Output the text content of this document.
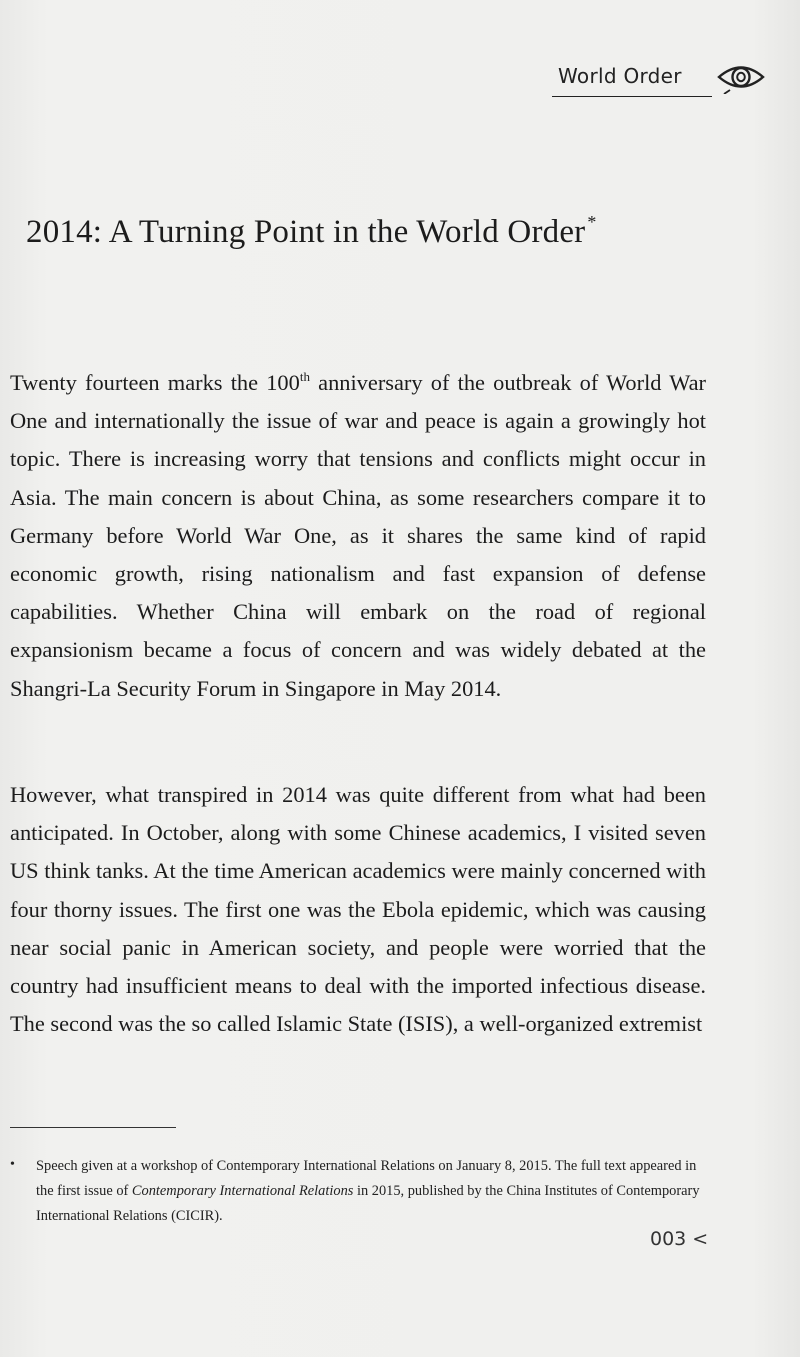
World Order
2014: A Turning Point in the World Order *

Twenty fourteen marks the 100th anniversary of the outbreak of World War One and internationally the issue of war and peace is again a growingly hot topic. There is increasing worry that tensions and conflicts might occur in Asia. The main concern is about China, as some researchers compare it to Germany before World War One, as it shares the same kind of rapid economic growth, rising nationalism and fast expansion of defense capabilities. Whether China will embark on the road of regional expansionism became a focus of concern and was widely debated at the Shangri-La Security Forum in Singapore in May 2014.

However, what transpired in 2014 was quite different from what had been anticipated. In October, along with some Chinese academics, I visited seven US think tanks. At the time American academics were mainly concerned with four thorny issues. The first one was the Ebola epidemic, which was causing near social panic in American society, and people were worried that the country had insufficient means to deal with the imported infectious disease. The second was the so called Islamic State (ISIS), a well-organized extremist

• Speech given at a workshop of Contemporary International Relations on January 8, 2015. The full text appeared in the first issue of Contemporary International Relations in 2015, published by the China Institutes of Contemporary International Relations (CICIR).

003 <
